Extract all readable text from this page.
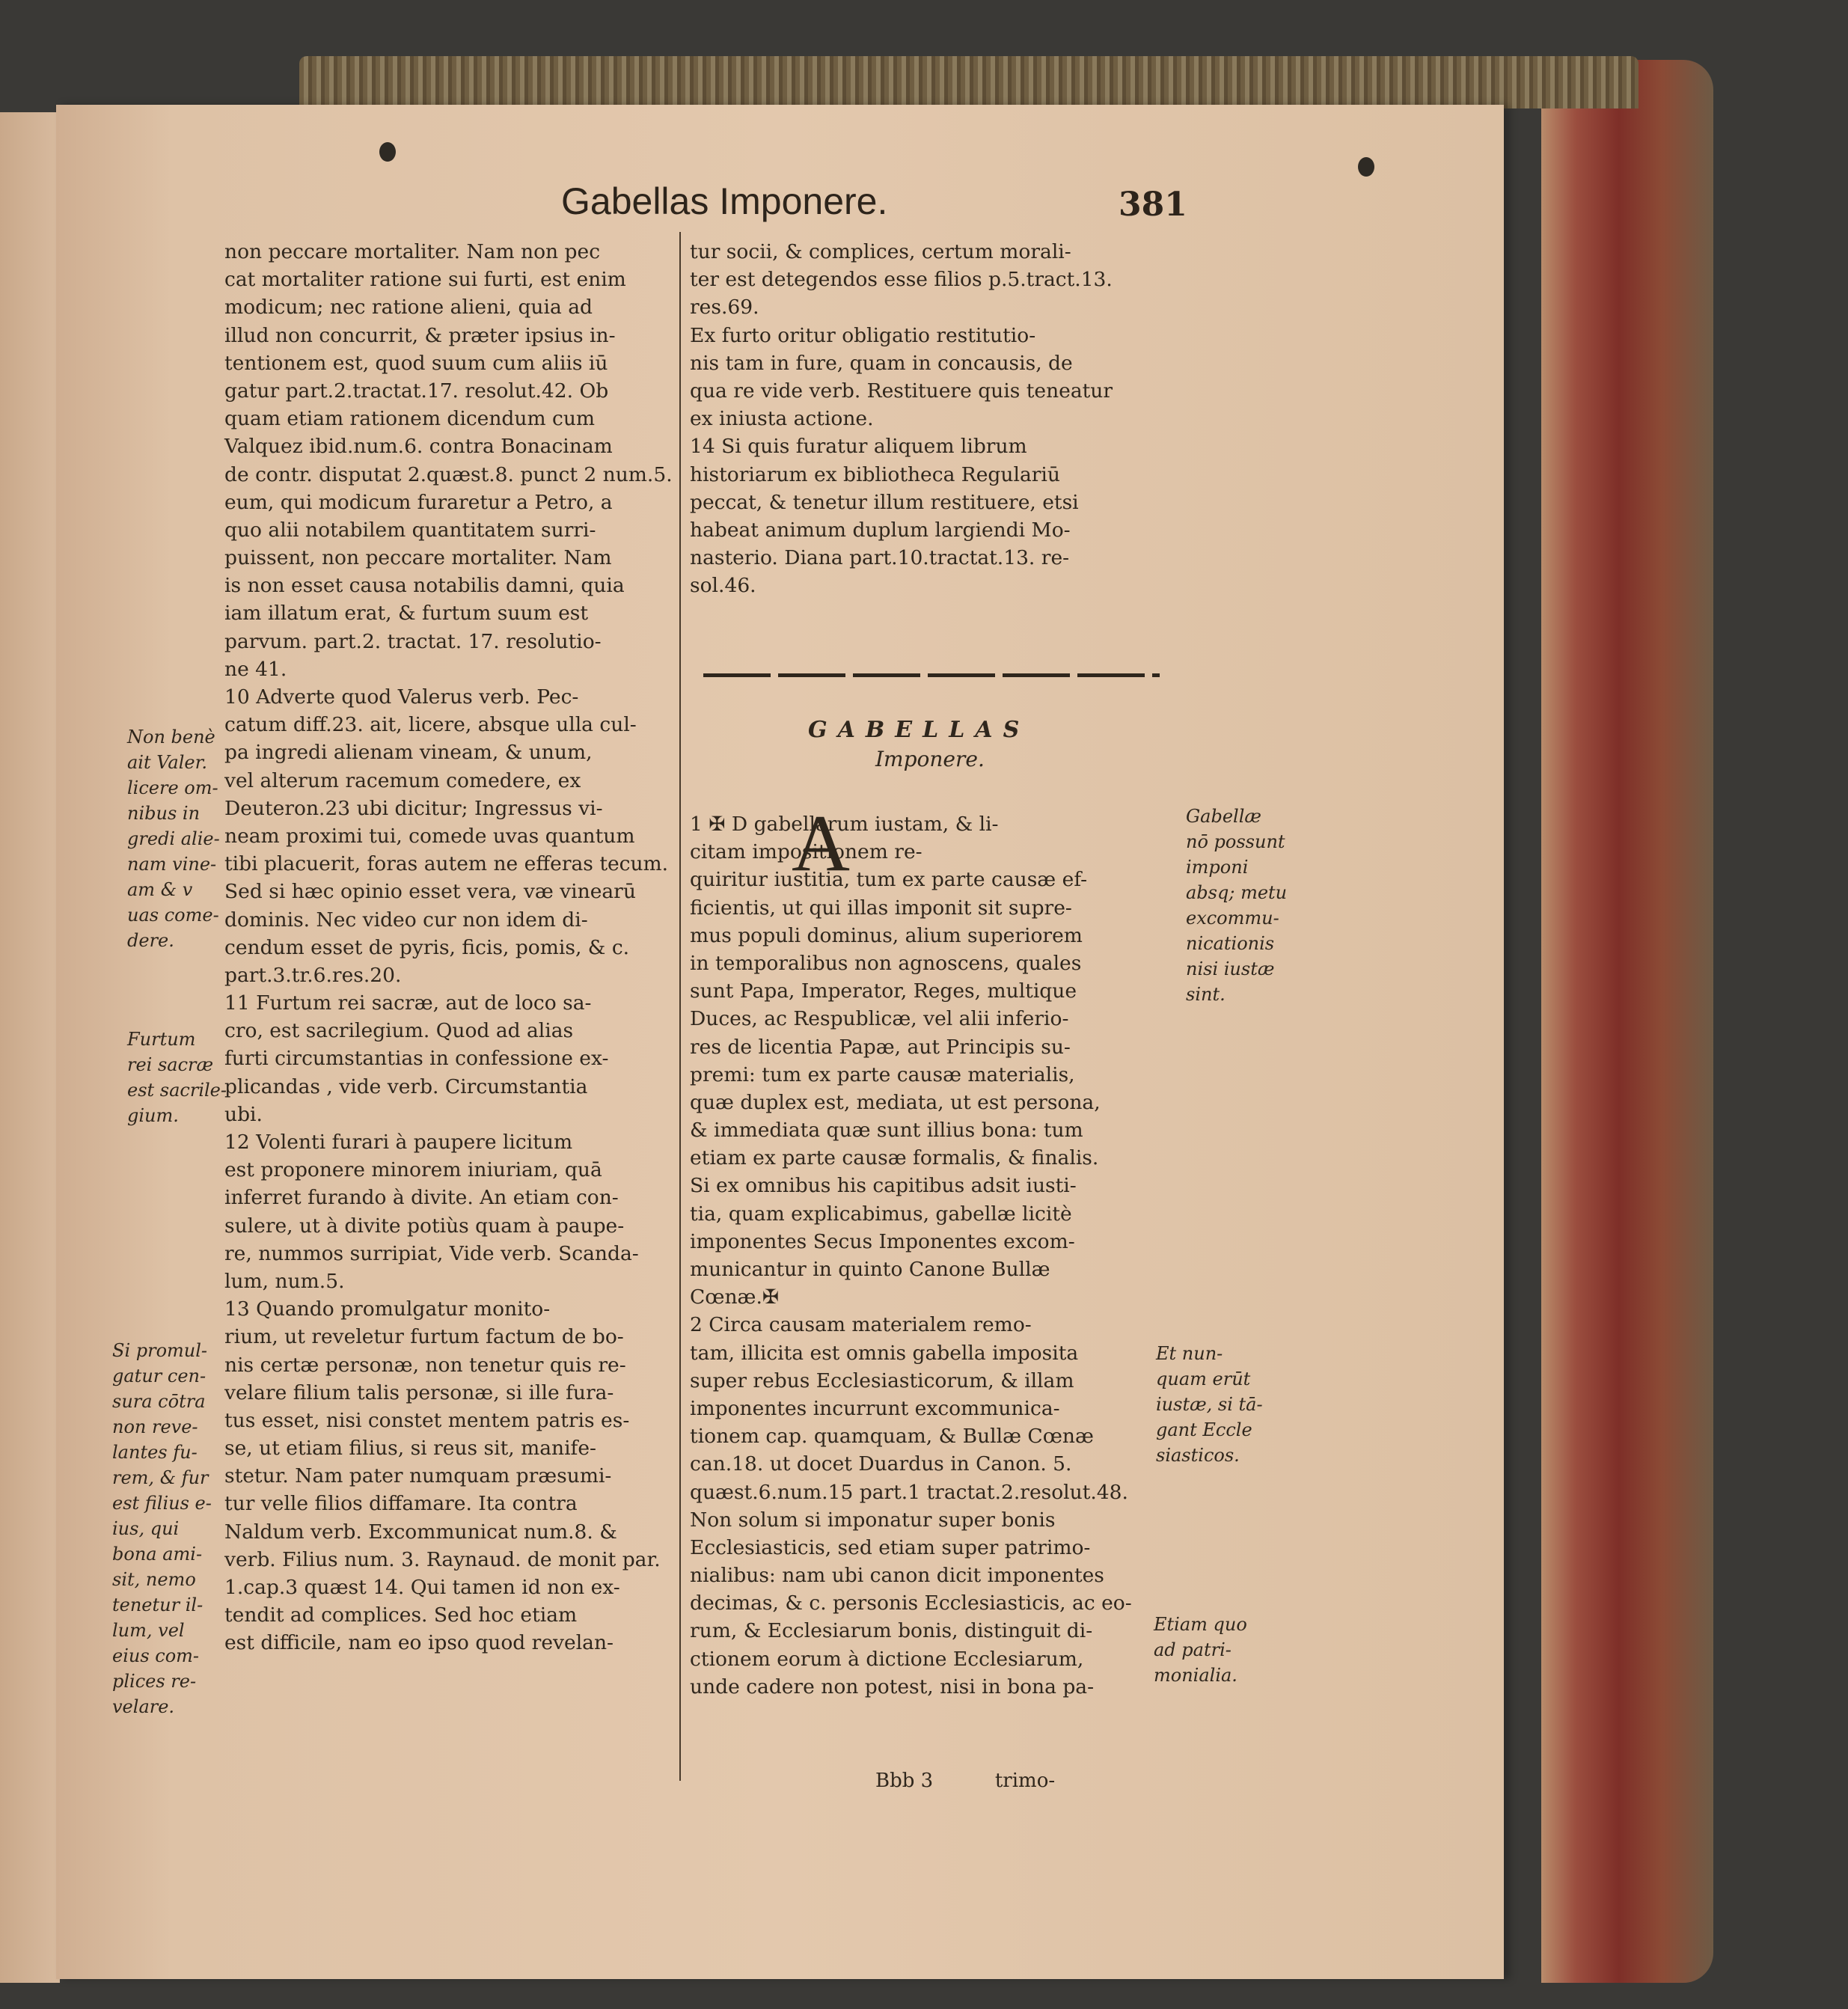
Gabellas Imponere.	381
non peccare mortaliter. Nam non pec
cat mortaliter ratione sui furti, est enim
modicum; nec ratione alieni, quia ad
illud non concurrit, & præter ipsius in-
tentionem est, quod suum cum aliis iū
gatur part.2.tractat.17. resolut.42. Ob
quam etiam rationem dicendum cum
Valquez ibid.num.6. contra Bonacinam
de contr. disputat 2.quæst.8. punct 2 num.5.
eum, qui modicum furaretur a Petro, a
quo alii notabilem quantitatem surri-
puissent, non peccare mortaliter. Nam
is non esset causa notabilis damni, quia
iam illatum erat, & furtum suum est
parvum. part.2. tractat. 17. resolutio-
ne 41.
10 Adverte quod Valerus verb. Pec-
catum diff.23. ait, licere, absque ulla cul-
pa ingredi alienam vineam, & unum,
vel alterum racemum comedere, ex
Deuteron.23 ubi dicitur; Ingressus vi-
neam proximi tui, comede uvas quantum
tibi placuerit, foras autem ne efferas tecum.
Sed si hæc opinio esset vera, væ vinearū
dominis. Nec video cur non idem di-
cendum esset de pyris, ficis, pomis, & c.
part.3.tr.6.res.20.
11 Furtum rei sacræ, aut de loco sa-
cro, est sacrilegium. Quod ad alias
furti circumstantias in confessione ex-
plicandas , vide verb. Circumstantia
ubi.
12 Volenti furari à paupere licitum
est proponere minorem iniuriam, quā
inferret furando à divite. An etiam con-
sulere, ut à divite potiùs quam à paupe-
re, nummos surripiat, Vide verb. Scanda-
lum, num.5.
13 Quando promulgatur monito-
rium, ut reveletur furtum factum de bo-
nis certæ personæ, non tenetur quis re-
velare filium talis personæ, si ille fura-
tus esset, nisi constet mentem patris es-
se, ut etiam filius, si reus sit, manife-
stetur. Nam pater numquam præsumi-
tur velle filios diffamare. Ita contra
Naldum verb. Excommunicat num.8. &
verb. Filius num. 3. Raynaud. de monit par.
1.cap.3 quæst 14. Qui tamen id non ex-
tendit ad complices. Sed hoc etiam
est difficile, nam eo ipso quod revelan-
tur socii, & complices, certum morali-
ter est detegendos esse filios p.5.tract.13.
res.69.
Ex furto oritur obligatio restitutio-
nis tam in fure, quam in concausis, de
qua re vide verb. Restituere quis teneatur
ex iniusta actione.
14 Si quis furatur aliquem librum
historiarum ex bibliotheca Regulariū
peccat, & tenetur illum restituere, etsi
habeat animum duplum largiendi Mo-
nasterio. Diana part.10.tractat.13. re-
sol.46.
GABELLAS
Imponere.
A
1 ✠ D gabellarum iustam, & li-
citam impositionem re-
quiritur iustitia, tum ex parte causæ ef-
ficientis, ut qui illas imponit sit supre-
mus populi dominus, alium superiorem
in temporalibus non agnoscens, quales
sunt Papa, Imperator, Reges, multique
Duces, ac Respublicæ, vel alii inferio-
res de licentia Papæ, aut Principis su-
premi: tum ex parte causæ materialis,
quæ duplex est, mediata, ut est persona,
& immediata quæ sunt illius bona: tum
etiam ex parte causæ formalis, & finalis.
Si ex omnibus his capitibus adsit iusti-
tia, quam explicabimus, gabellæ licitè
imponentes Secus Imponentes excom-
municantur in quinto Canone Bullæ
Cœnæ.✠
2 Circa causam materialem remo-
tam, illicita est omnis gabella imposita
super rebus Ecclesiasticorum, & illam
imponentes incurrunt excommunica-
tionem cap. quamquam, & Bullæ Cœnæ
can.18. ut docet Duardus in Canon. 5.
quæst.6.num.15 part.1 tractat.2.resolut.48.
Non solum si imponatur super bonis
Ecclesiasticis, sed etiam super patrimo-
nialibus: nam ubi canon dicit imponentes
decimas, & c. personis Ecclesiasticis, ac eo-
rum, & Ecclesiarum bonis, distinguit di-
ctionem eorum à dictione Ecclesiarum,
unde cadere non potest, nisi in bona pa-
Non benè
ait Valer.
licere om-
nibus in
gredi alie-
nam vine-
am & v
uas come-
dere.
Furtum
rei sacræ
est sacrile-
gium.
Si promul-
gatur cen-
sura cōtra
non reve-
lantes fu-
rem, & fur
est filius e-
ius, qui
bona ami-
sit, nemo
tenetur il-
lum, vel
eius com-
plices re-
velare.
Gabellæ
nō possunt
imponi
absq; metu
excommu-
nicationis
nisi iustæ
sint.
Et nun-
quam erūt
iustæ, si tā-
gant Eccle
siasticos.
Etiam quo
ad patri-
monialia.
Bbb 3          trimo-
